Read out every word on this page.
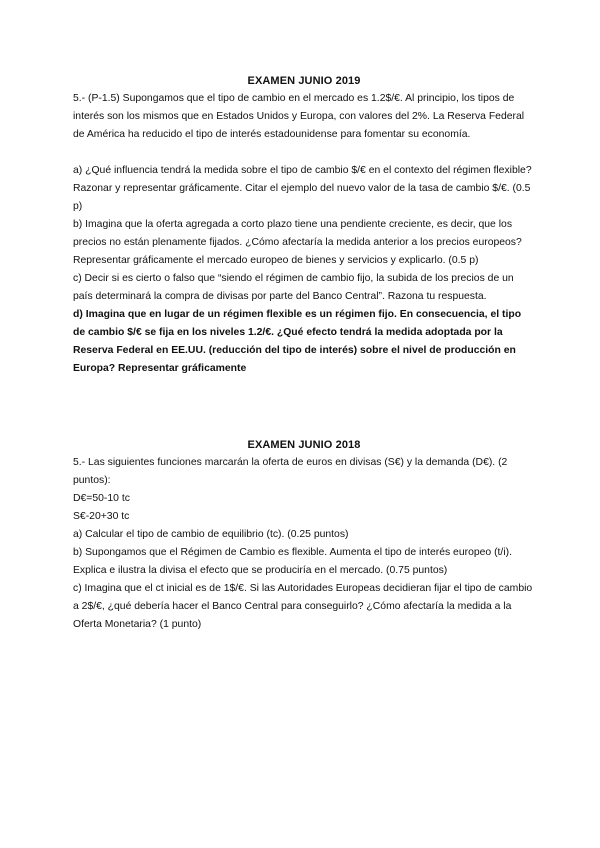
EXAMEN JUNIO 2019

5.- (P-1.5) Supongamos que el tipo de cambio en el mercado es 1.2$/€. Al principio, los tipos de interés son los mismos que en Estados Unidos y Europa, con valores del 2%. La Reserva Federal de América ha reducido el tipo de interés estadounidense para fomentar su economía.

a) ¿Qué influencia tendrá la medida sobre el tipo de cambio $/€ en el contexto del régimen flexible? Razonar y representar gráficamente. Citar el ejemplo del nuevo valor de la tasa de cambio $/€. (0.5 p)

b) Imagina que la oferta agregada a corto plazo tiene una pendiente creciente, es decir, que los precios no están plenamente fijados. ¿Cómo afectaría la medida anterior a los precios europeos? Representar gráficamente el mercado europeo de bienes y servicios y explicarlo. (0.5 p)

c) Decir si es cierto o falso que “siendo el régimen de cambio fijo, la subida de los precios de un país determinará la compra de divisas por parte del Banco Central”. Razona tu respuesta.

d) Imagina que en lugar de un régimen flexible es un régimen fijo. En consecuencia, el tipo de cambio $/€ se fija en los niveles 1.2/€. ¿Qué efecto tendrá la medida adoptada por la Reserva Federal en EE.UU. (reducción del tipo de interés) sobre el nivel de producción en Europa? Representar gráficamente

EXAMEN JUNIO 2018

5.- Las siguientes funciones marcarán la oferta de euros en divisas (S€) y la demanda (D€). (2 puntos):

D€=50-10 tc

S€-20+30 tc

a) Calcular el tipo de cambio de equilibrio (tc). (0.25 puntos)

b) Supongamos que el Régimen de Cambio es flexible. Aumenta el tipo de interés europeo (t/i). Explica e ilustra la divisa el efecto que se produciría en el mercado. (0.75 puntos)

c) Imagina que el ct inicial es de 1$/€. Si las Autoridades Europeas decidieran fijar el tipo de cambio a 2$/€, ¿qué debería hacer el Banco Central para conseguirlo? ¿Cómo afectaría la medida a la Oferta Monetaria? (1 punto)
